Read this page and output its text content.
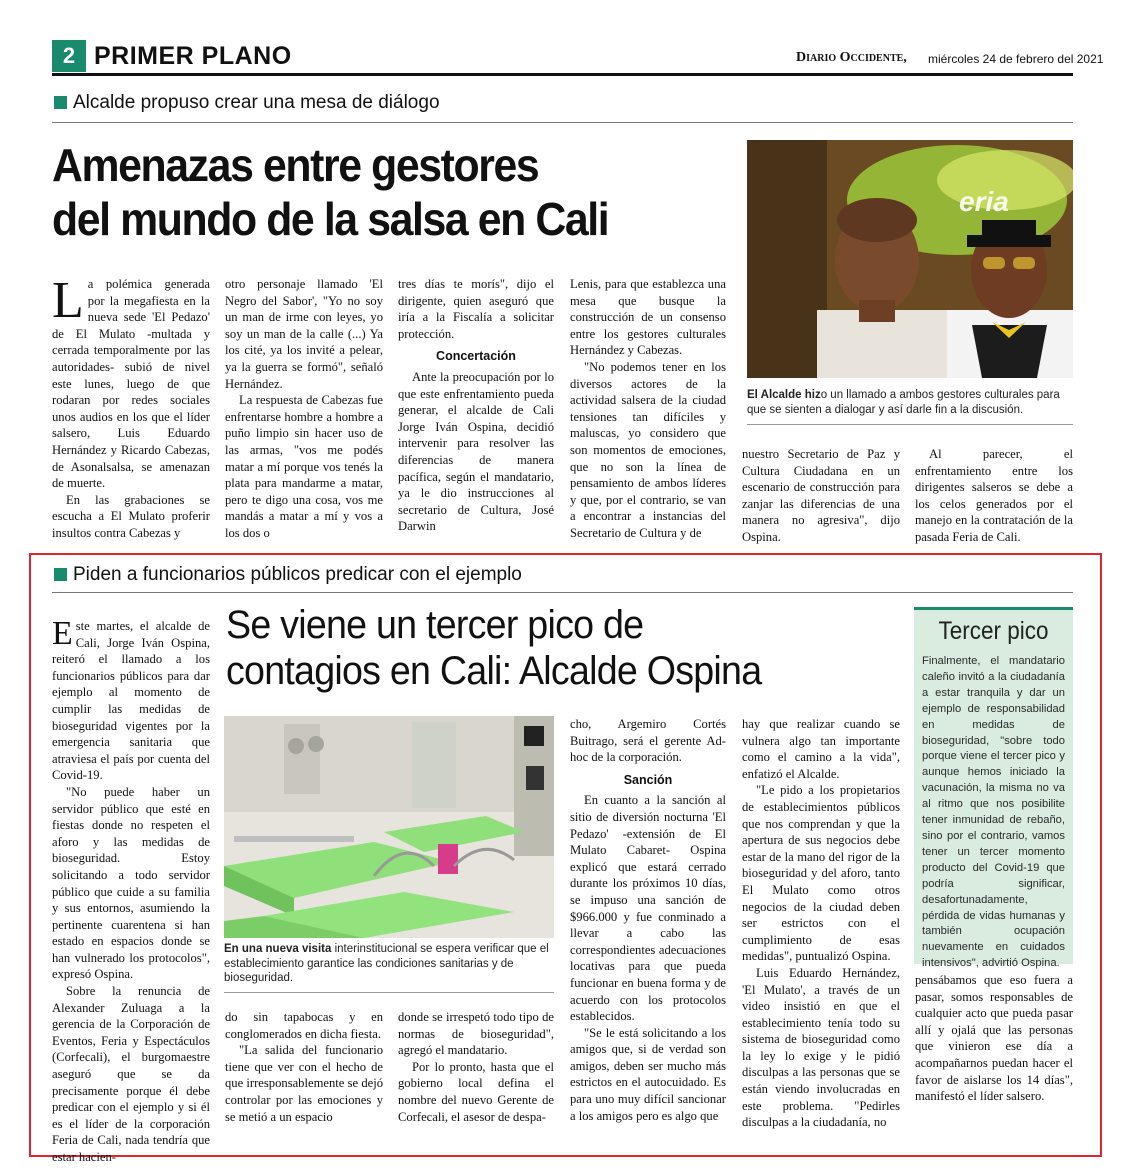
2 PRIMER PLANO	Diario Occidente, miércoles 24 de febrero del 2021
Alcalde propuso crear una mesa de diálogo
Amenazas entre gestores
del mundo de la salsa en Cali	eria
El Alcalde hizo un llamado a ambos gestores culturales para que se sienten a dialogar y así darle fin a la discusión.

La polémica generada por la megafiesta en la nueva sede 'El Pedazo' de El Mulato -multada y cerrada temporalmente por las autoridades- subió de nivel este lunes, luego de que rodaran por redes sociales unos audios en los que el líder salsero, Luis Eduardo Hernández y Ricardo Cabezas, de Asonalsalsa, se amenazan de muerte.

En las grabaciones se escucha a El Mulato proferir insultos contra Cabezas y

otro personaje llamado 'El Negro del Sabor', "Yo no soy un man de irme con leyes, yo soy un man de la calle (...) Ya los cité, ya los invité a pelear, ya la guerra se formó", señaló Hernández.

La respuesta de Cabezas fue enfrentarse hombre a hombre a puño limpio sin hacer uso de las armas, "vos me podés matar a mí porque vos tenés la plata para mandarme a matar, pero te digo una cosa, vos me mandás a matar a mí y vos a los dos o

tres días te morís", dijo el dirigente, quien aseguró que iría a la Fiscalía a solicitar protección.

Concertación

Ante la preocupación por lo que este enfrentamiento pueda generar, el alcalde de Cali Jorge Iván Ospina, decidió intervenir para resolver las diferencias de manera pacífica, según el mandatario, ya le dio instrucciones al secretario de Cultura, José Darwin

Lenis, para que establezca una mesa que busque la construcción de un consenso entre los gestores culturales Hernández y Cabezas.

"No podemos tener en los diversos actores de la actividad salsera de la ciudad tensiones tan difíciles y maluscas, yo considero que son momentos de emociones, que no son la línea de pensamiento de ambos líderes y que, por el contrario, se van a encontrar a instancias del Secretario de Cultura y de

nuestro Secretario de Paz y Cultura Ciudadana en un escenario de construcción para zanjar las diferencias de una manera no agresiva", dijo Ospina.

Al parecer, el enfrentamiento entre los dirigentes salseros se debe a los celos generados por el manejo en la contratación de la pasada Feria de Cali.

Piden a funcionarios públicos predicar con el ejemplo
Se viene un tercer pico de
contagios en Cali: Alcalde Ospina
En una nueva visita interinstitucional se espera verificar que el establecimiento garantice las condiciones sanitarias y de bioseguridad.

Este martes, el alcalde de Cali, Jorge Iván Ospina, reiteró el llamado a los funcionarios públicos para dar ejemplo al momento de cumplir las medidas de bioseguridad vigentes por la emergencia sanitaria que atraviesa el país por cuenta del Covid-19.

"No puede haber un servidor público que esté en fiestas donde no respeten el aforo y las medidas de bioseguridad. Estoy solicitando a todo servidor público que cuide a su familia y sus entornos, asumiendo la pertinente cuarentena si han estado en espacios donde se han vulnerado los protocolos", expresó Ospina.

Sobre la renuncia de Alexander Zuluaga a la gerencia de la Corporación de Eventos, Feria y Espectáculos (Corfecali), el burgomaestre aseguró que se da precisamente porque él debe predicar con el ejemplo y si él es el líder de la corporación Feria de Cali, nada tendría que estar hacien-

do sin tapabocas y en conglomerados en dicha fiesta.

"La salida del funcionario tiene que ver con el hecho de que irresponsablemente se dejó controlar por las emociones y se metió a un espacio

donde se irrespetó todo tipo de normas de bioseguridad", agregó el mandatario.

Por lo pronto, hasta que el gobierno local defina el nombre del nuevo Gerente de Corfecali, el asesor de despa-

cho, Argemiro Cortés Buitrago, será el gerente Ad-hoc de la corporación.

Sanción

En cuanto a la sanción al sitio de diversión nocturna 'El Pedazo' -extensión de El Mulato Cabaret- Ospina explicó que estará cerrado durante los próximos 10 días, se impuso una sanción de $966.000 y fue conminado a llevar a cabo las correspondientes adecuaciones locativas para que pueda funcionar en buena forma y de acuerdo con los protocolos establecidos.

"Se le está solicitando a los amigos que, si de verdad son amigos, deben ser mucho más estrictos en el autocuidado. Es para uno muy difícil sancionar a los amigos pero es algo que

hay que realizar cuando se vulnera algo tan importante como el camino a la vida", enfatizó el Alcalde.

"Le pido a los propietarios de establecimientos públicos que nos comprendan y que la apertura de sus negocios debe estar de la mano del rigor de la bioseguridad y del aforo, tanto El Mulato como otros negocios de la ciudad deben ser estrictos con el cumplimiento de esas medidas", puntualizó Ospina.

Luis Eduardo Hernández, 'El Mulato', a través de un video insistió en que el establecimiento tenía todo su sistema de bioseguridad como la ley lo exige y le pidió disculpas a las personas que se están viendo involucradas en este problema. "Pedirles disculpas a la ciudadanía, no

Tercer pico

Finalmente, el mandatario caleño invitó a la ciudadanía a estar tranquila y dar un ejemplo de responsabilidad en medidas de bioseguridad, "sobre todo porque viene el tercer pico y aunque hemos iniciado la vacunación, la misma no va al ritmo que nos posibilite tener inmunidad de rebaño, sino por el contrario, vamos tener un tercer momento producto del Covid-19 que podría significar, desafortunadamente, pérdida de vidas humanas y también ocupación nuevamente en cuidados intensivos", advirtió Ospina.

pensábamos que eso fuera a pasar, somos responsables de cualquier acto que pueda pasar allí y ojalá que las personas que vinieron ese día a acompañarnos puedan hacer el favor de aislarse los 14 días", manifestó el líder salsero.
